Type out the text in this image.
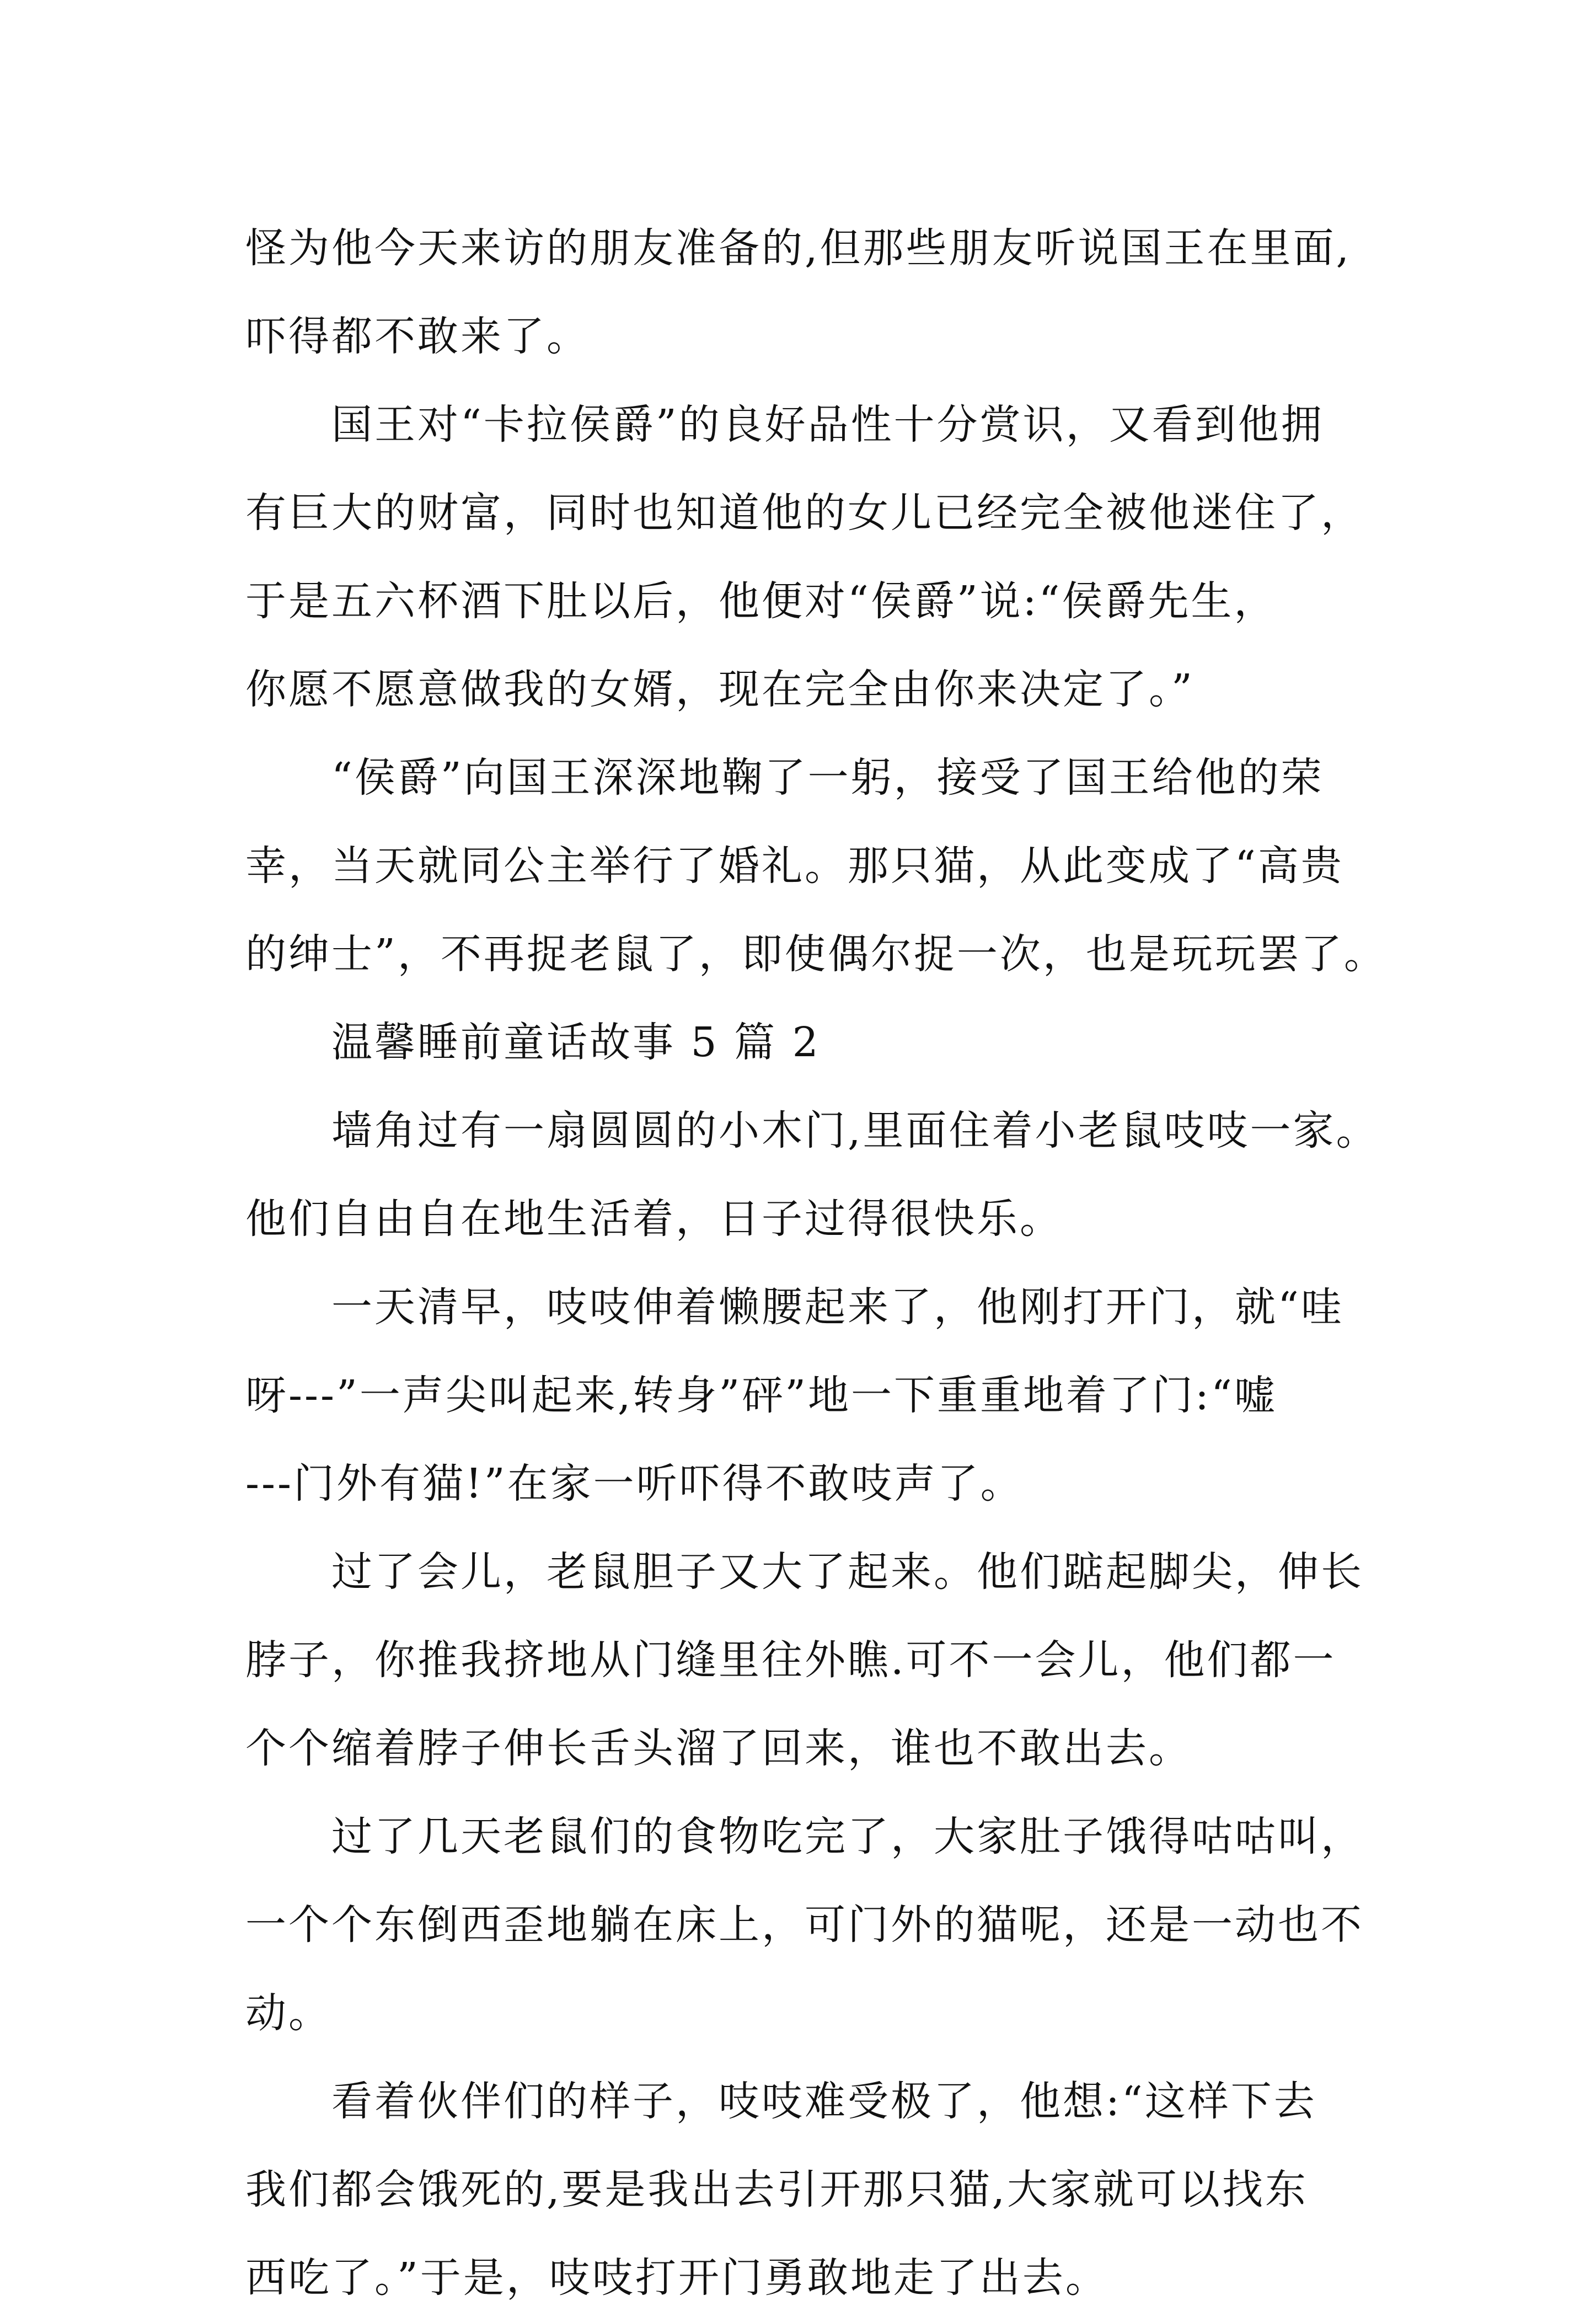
怪为他今天来访的朋友准备的,但那些朋友听说国王在里面,
吓得都不敢来了。

　　国王对“卡拉侯爵”的良好品性十分赏识，又看到他拥
有巨大的财富，同时也知道他的女儿已经完全被他迷住了，
于是五六杯酒下肚以后，他便对“侯爵”说:“侯爵先生，
你愿不愿意做我的女婿，现在完全由你来决定了。”

　　“侯爵”向国王深深地鞠了一躬，接受了国王给他的荣
幸，当天就同公主举行了婚礼。那只猫，从此变成了“高贵
的绅士”，不再捉老鼠了，即使偶尔捉一次，也是玩玩罢了。

　　温馨睡前童话故事 5 篇 2

　　墙角过有一扇圆圆的小木门,里面住着小老鼠吱吱一家。
他们自由自在地生活着，日子过得很快乐。

　　一天清早，吱吱伸着懒腰起来了，他刚打开门，就“哇
呀---”一声尖叫起来,转身”砰”地一下重重地着了门:“嘘
---门外有猫!”在家一听吓得不敢吱声了。

　　过了会儿，老鼠胆子又大了起来。他们踮起脚尖，伸长
脖子，你推我挤地从门缝里往外瞧.可不一会儿，他们都一
个个缩着脖子伸长舌头溜了回来，谁也不敢出去。

　　过了几天老鼠们的食物吃完了，大家肚子饿得咕咕叫，
一个个东倒西歪地躺在床上，可门外的猫呢，还是一动也不
动。

　　看着伙伴们的样子，吱吱难受极了，他想:“这样下去
我们都会饿死的,要是我出去引开那只猫,大家就可以找东
西吃了。”于是，吱吱打开门勇敢地走了出去。
